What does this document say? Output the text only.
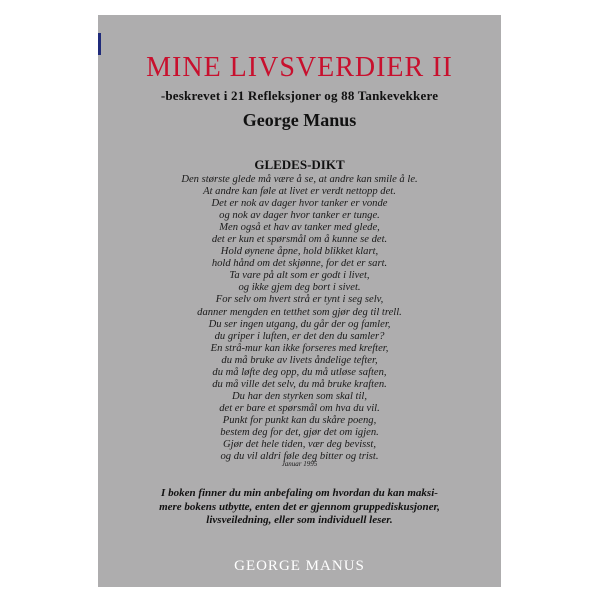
MINE LIVSVERDIER II
-beskrevet i 21 Refleksjoner og 88 Tankevekkere
George Manus
GLEDES-DIKT
Den største glede må være å se, at andre kan smile å le.
At andre kan føle at livet er verdt nettopp det.
Det er nok av dager hvor tanker er vonde
og nok av dager hvor tanker er tunge.
Men også et hav av tanker med glede,
det er kun et spørsmål om å kunne se det.
Hold øynene åpne, hold blikket klart,
hold hånd om det skjønne, for det er sart.
Ta vare på alt som er godt i livet,
og ikke gjem deg bort i sivet.
For selv om hvert strå er tynt i seg selv,
danner mengden en tetthet som gjør deg til trell.
Du ser ingen utgang, du går der og famler,
du griper i luften, er det den du samler?
En strå-mur kan ikke forseres med krefter,
du må bruke av livets åndelige tefter,
du må løfte deg opp, du må utløse saften,
du må ville det selv, du må bruke kraften.
Du har den styrken som skal til,
det er bare et spørsmål om hva du vil.
Punkt for punkt kan du skåre poeng,
bestem deg for det, gjør det om igjen.
Gjør det hele tiden, vær deg bevisst,
og du vil aldri føle deg bitter og trist.
Januar 1995
I boken finner du min anbefaling om hvordan du kan maksi-
mere bokens utbytte, enten det er gjennom gruppediskusjoner,
livsveiledning, eller som individuell leser.
GEORGE MANUS
